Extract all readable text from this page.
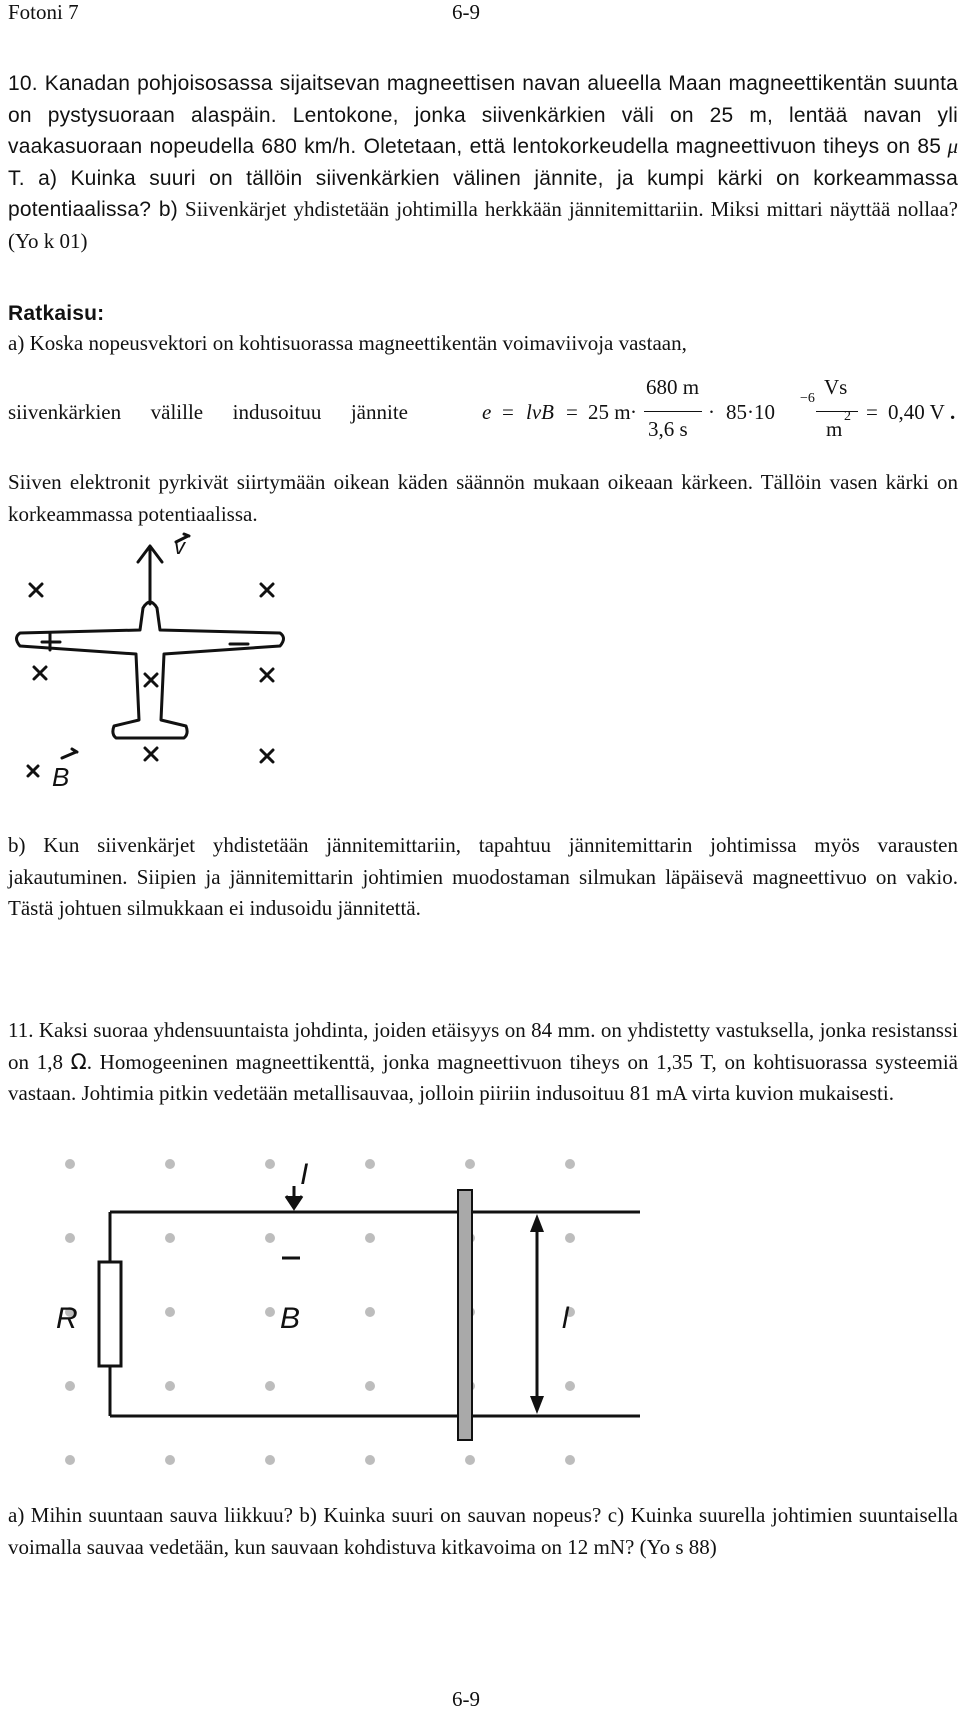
Fotoni 7	6-9

10. Kanadan pohjoisosassa sijaitsevan magneettisen navan alueella Maan magneettikentän suunta on pystysuoraan alaspäin. Lentokone, jonka siivenkärkien väli on 25 m, lentää navan yli vaakasuoraan nopeudella 680 km/h. Oletetaan, että lentokorkeudella magneettivuon tiheys on 85 μ T. a) Kuinka suuri on tällöin siivenkärkien välinen jännite, ja kumpi kärki on korkeammassa potentiaalissa? b) Siivenkärjet yhdistetään johtimilla herkkään jännitemittariin. Miksi mittari näyttää nollaa? (Yo k 01)

Ratkaisu:

a) Koska nopeusvektori on kohtisuorassa magneettikentän voimaviivoja vastaan,

siivenkärkien välille indusoituu jännite	e = lvB = 25 m ·
680 m
3,6 s
· 85·10
−6 Vs
m
2 = 0,40 V .

Siiven elektronit pyrkivät siirtymään oikean käden säännön mukaan oikeaan kärkeen. Tällöin vasen kärki on korkeammassa potentiaalissa.

v
B

b) Kun siivenkärjet yhdistetään jännitemittariin, tapahtuu jännitemittarin johtimissa myös varausten jakautuminen. Siipien ja jännitemittarin johtimien muodostaman silmukan läpäisevä magneettivuo on vakio. Tästä johtuen silmukkaan ei indusoidu jännitettä.

11. Kaksi suoraa yhdensuuntaista johdinta, joiden etäisyys on 84 mm. on yhdistetty vastuksella, jonka resistanssi on 1,8 Ω. Homogeeninen magneettikenttä, jonka magneettivuon tiheys on 1,35 T, on kohtisuorassa systeemiä vastaan. Johtimia pitkin vedetään metallisauvaa, jolloin piiriin indusoituu 81 mA virta kuvion mukaisesti.

I
R	B	l

a) Mihin suuntaan sauva liikkuu? b) Kuinka suuri on sauvan nopeus? c) Kuinka suurella johtimien suuntaisella voimalla sauvaa vedetään, kun sauvaan kohdistuva kitkavoima on 12 mN? (Yo s 88)

6-9
